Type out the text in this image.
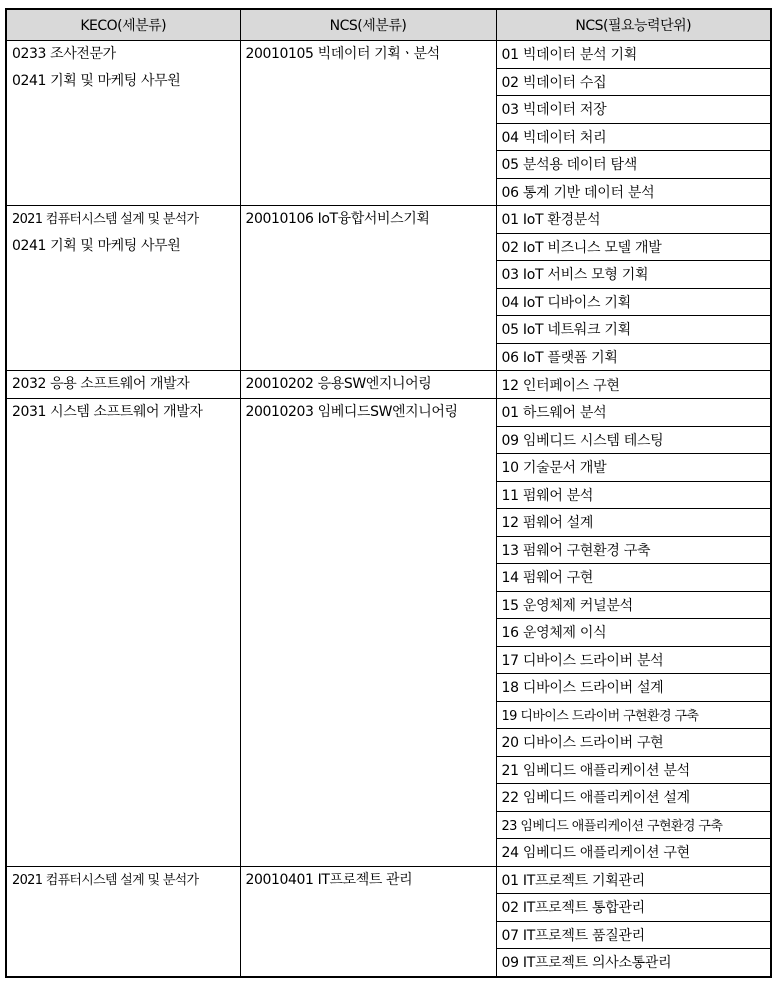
KECO(세분류)	NCS(세분류)	NCS(필요능력단위)

0233 조사전문가
0241 기획 및 마케팅 사무원	20010105 빅데이터 기획ㆍ분석	01 빅데이터 분석 기획
		02 빅데이터 수집
		03 빅데이터 저장
		04 빅데이터 처리
		05 분석용 데이터 탐색
		06 통계 기반 데이터 분석

2021 컴퓨터시스템 설계 및 분석가
0241 기획 및 마케팅 사무원	20010106 IoT융합서비스기획	01 IoT 환경분석
		02 IoT 비즈니스 모델 개발
		03 IoT 서비스 모형 기획
		04 IoT 디바이스 기획
		05 IoT 네트워크 기획
		06 IoT 플랫폼 기획

2032 응용 소프트웨어 개발자	20010202 응용SW엔지니어링	12 인터페이스 구현

2031 시스템 소프트웨어 개발자	20010203 임베디드SW엔지니어링	01 하드웨어 분석
		09 임베디드 시스템 테스팅
		10 기술문서 개발
		11 펌웨어 분석
		12 펌웨어 설계
		13 펌웨어 구현환경 구축
		14 펌웨어 구현
		15 운영체제 커널분석
		16 운영체제 이식
		17 디바이스 드라이버 분석
		18 디바이스 드라이버 설계
		19 디바이스 드라이버 구현환경 구축
		20 디바이스 드라이버 구현
		21 임베디드 애플리케이션 분석
		22 임베디드 애플리케이션 설계
		23 임베디드 애플리케이션 구현환경 구축
		24 임베디드 애플리케이션 구현

2021 컴퓨터시스템 설계 및 분석가	20010401 IT프로젝트 관리	01 IT프로젝트 기획관리
		02 IT프로젝트 통합관리
		07 IT프로젝트 품질관리
		09 IT프로젝트 의사소통관리
